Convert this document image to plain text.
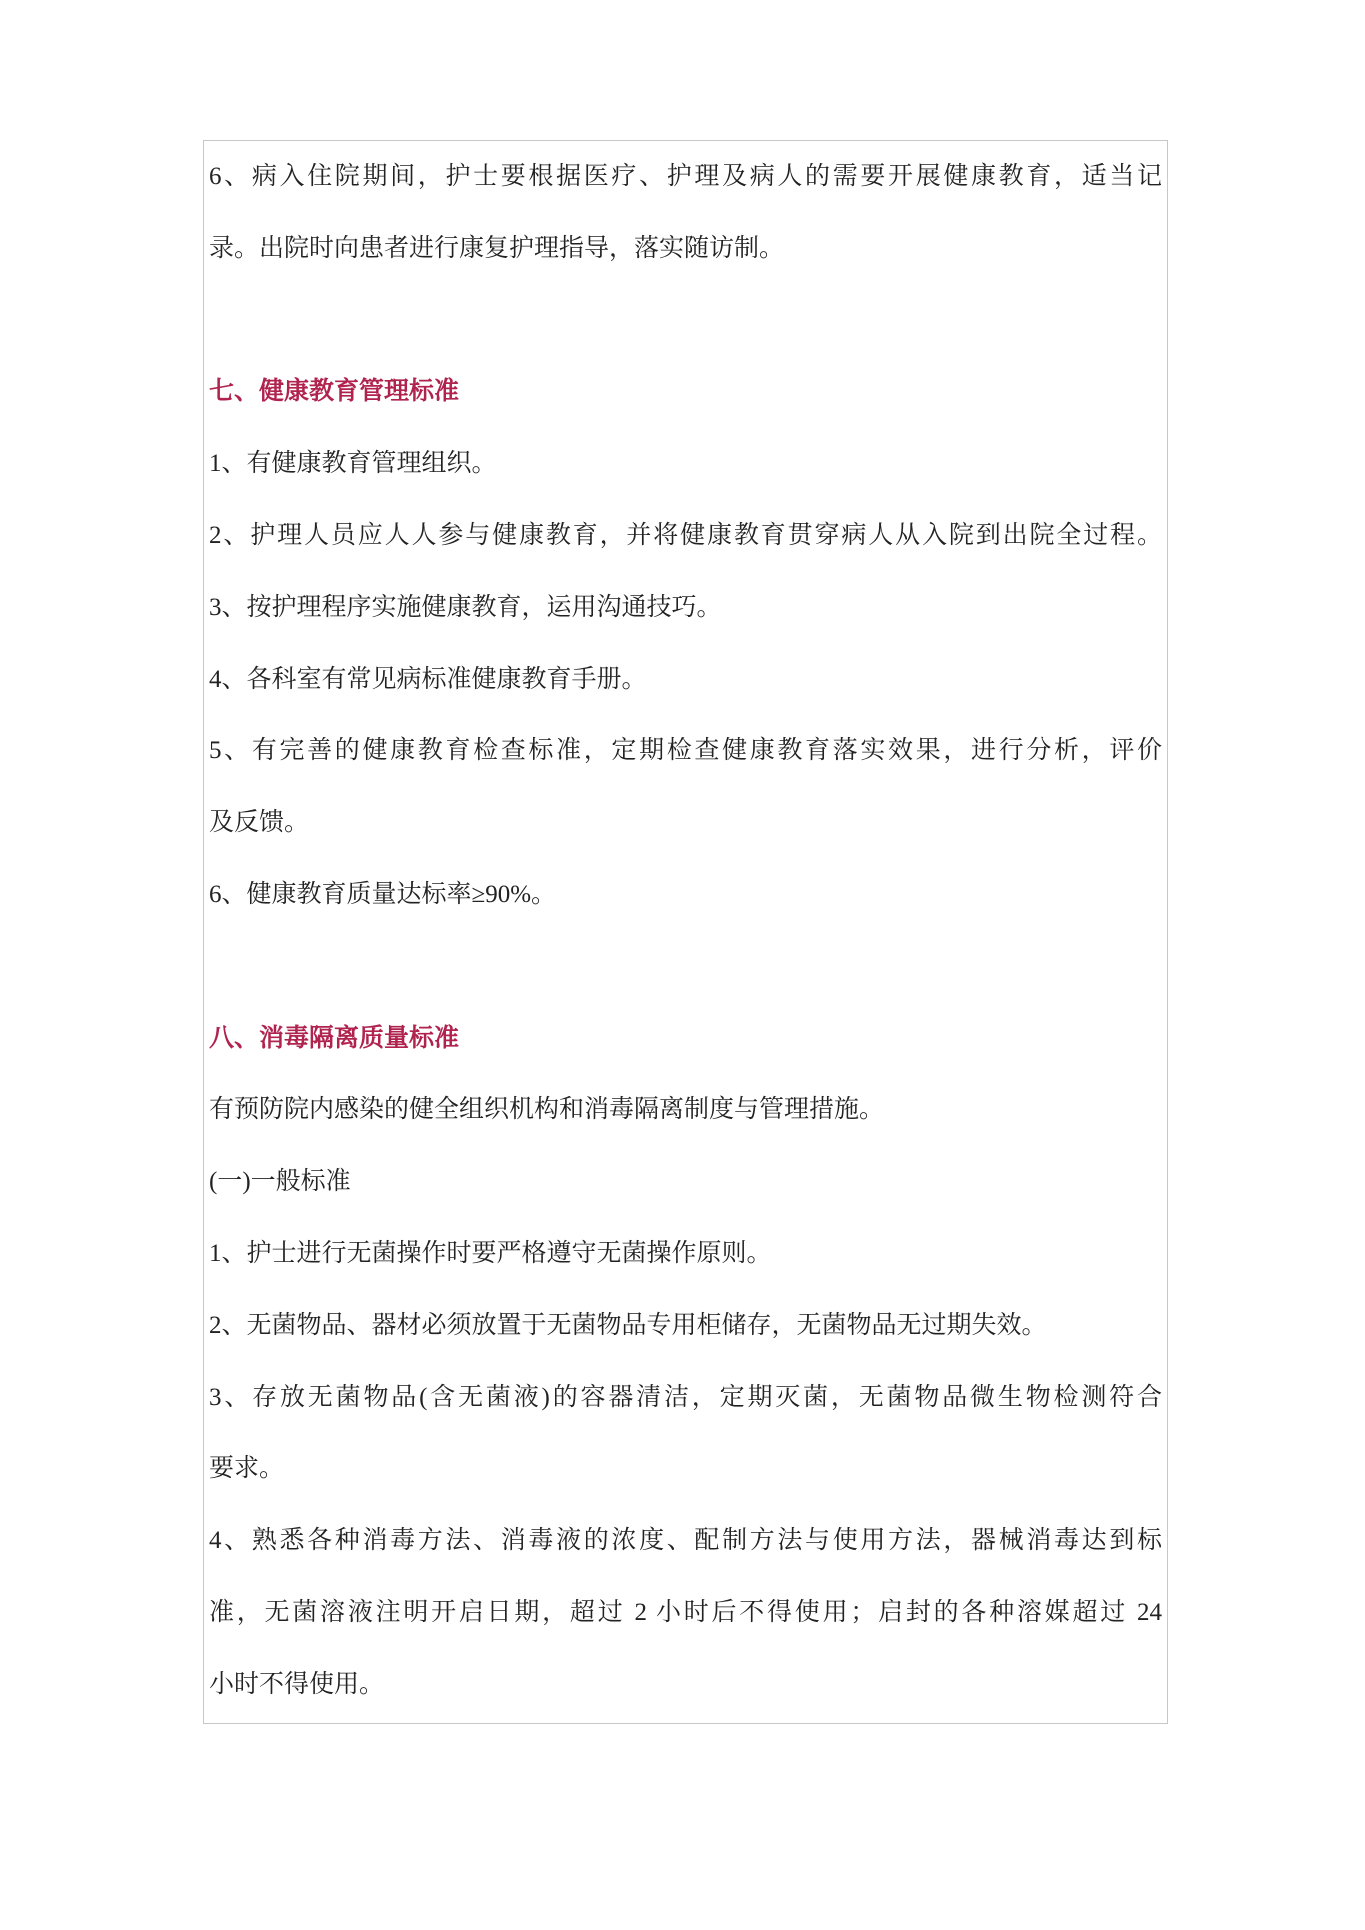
6、病入住院期间，护士要根据医疗、护理及病人的需要开展健康教育，适当记
录。出院时向患者进行康复护理指导，落实随访制。
七、健康教育管理标准
1、有健康教育管理组织。
2、护理人员应人人参与健康教育，并将健康教育贯穿病人从入院到出院全过程。
3、按护理程序实施健康教育，运用沟通技巧。
4、各科室有常见病标准健康教育手册。
5、有完善的健康教育检查标准，定期检查健康教育落实效果，进行分析，评价
及反馈。
6、健康教育质量达标率≥90%。
八、消毒隔离质量标准
有预防院内感染的健全组织机构和消毒隔离制度与管理措施。
(一)一般标准
1、护士进行无菌操作时要严格遵守无菌操作原则。
2、无菌物品、器材必须放置于无菌物品专用柜储存，无菌物品无过期失效。
3、存放无菌物品(含无菌液)的容器清洁，定期灭菌，无菌物品微生物检测符合
要求。
4、熟悉各种消毒方法、消毒液的浓度、配制方法与使用方法，器械消毒达到标
准，无菌溶液注明开启日期，超过 2 小时后不得使用；启封的各种溶媒超过 24
小时不得使用。
